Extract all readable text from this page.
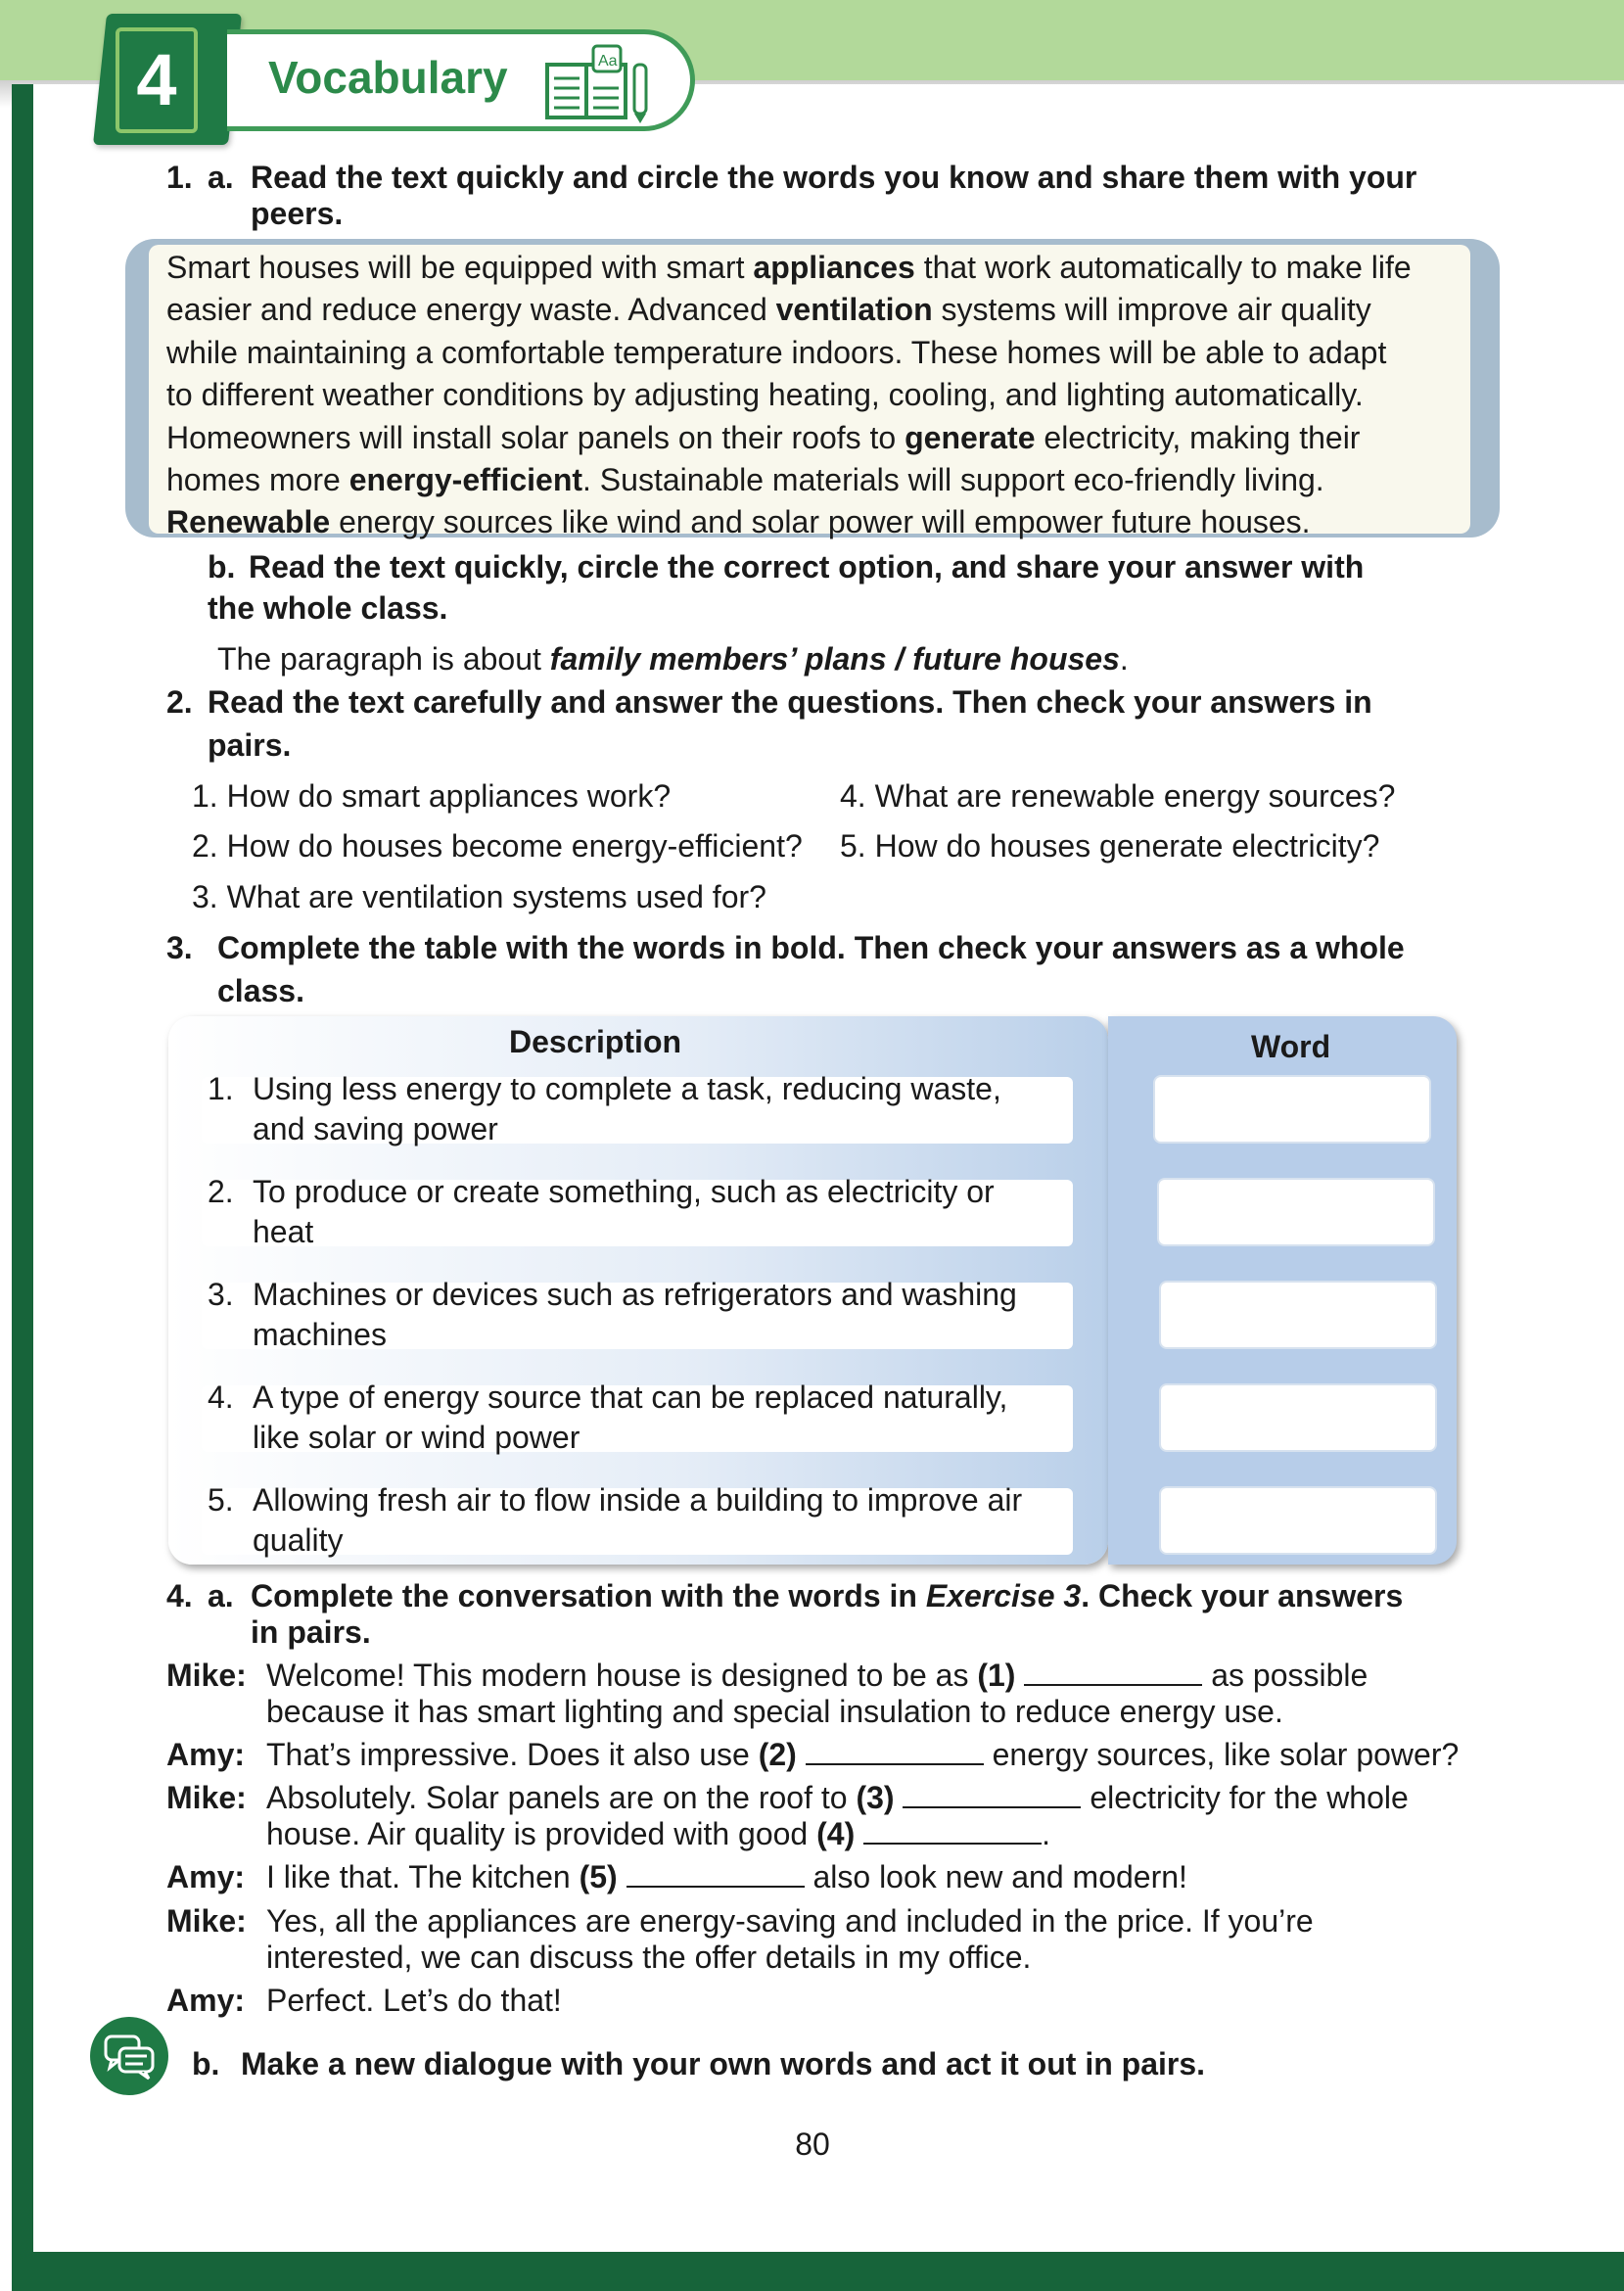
4	Vocabulary	Aa
1. a. Read the text quickly and circle the words you know and share them with your
peers.
Smart houses will be equipped with smart appliances that work automatically to make life
easier and reduce energy waste. Advanced ventilation systems will improve air quality
while maintaining a comfortable temperature indoors. These homes will be able to adapt
to different weather conditions by adjusting heating, cooling, and lighting automatically.
Homeowners will install solar panels on their roofs to generate electricity, making their
homes more energy-efficient. Sustainable materials will support eco-friendly living.
Renewable energy sources like wind and solar power will empower future houses.
b. Read the text quickly, circle the correct option, and share your answer with
the whole class.
The paragraph is about family members’ plans / future houses.
2. Read the text carefully and answer the questions. Then check your answers in
pairs.
1. How do smart appliances work?
2. How do houses become energy-efficient?
3. What are ventilation systems used for?
4. What are renewable energy sources?
5. How do houses generate electricity?
3. Complete the table with the words in bold. Then check your answers as a whole
class.
Description	Word
1. Using less energy to complete a task, reducing waste,
and saving power
2. To produce or create something, such as electricity or
heat
3. Machines or devices such as refrigerators and washing
machines
4. A type of energy source that can be replaced naturally,
like solar or wind power
5. Allowing fresh air to flow inside a building to improve air
quality
4. a. Complete the conversation with the words in Exercise 3. Check your answers
in pairs.
Mike: Welcome! This modern house is designed to be as (1)	as possible
because it has smart lighting and special insulation to reduce energy use.
Amy: That’s impressive. Does it also use (2)	energy sources, like solar power?
Mike: Absolutely. Solar panels are on the roof to (3)	electricity for the whole
house. Air quality is provided with good (4)	.
Amy: I like that. The kitchen (5)	also look new and modern!
Mike: Yes, all the appliances are energy-saving and included in the price. If you’re
interested, we can discuss the offer details in my office.
Amy: Perfect. Let’s do that!
b. Make a new dialogue with your own words and act it out in pairs.
80
